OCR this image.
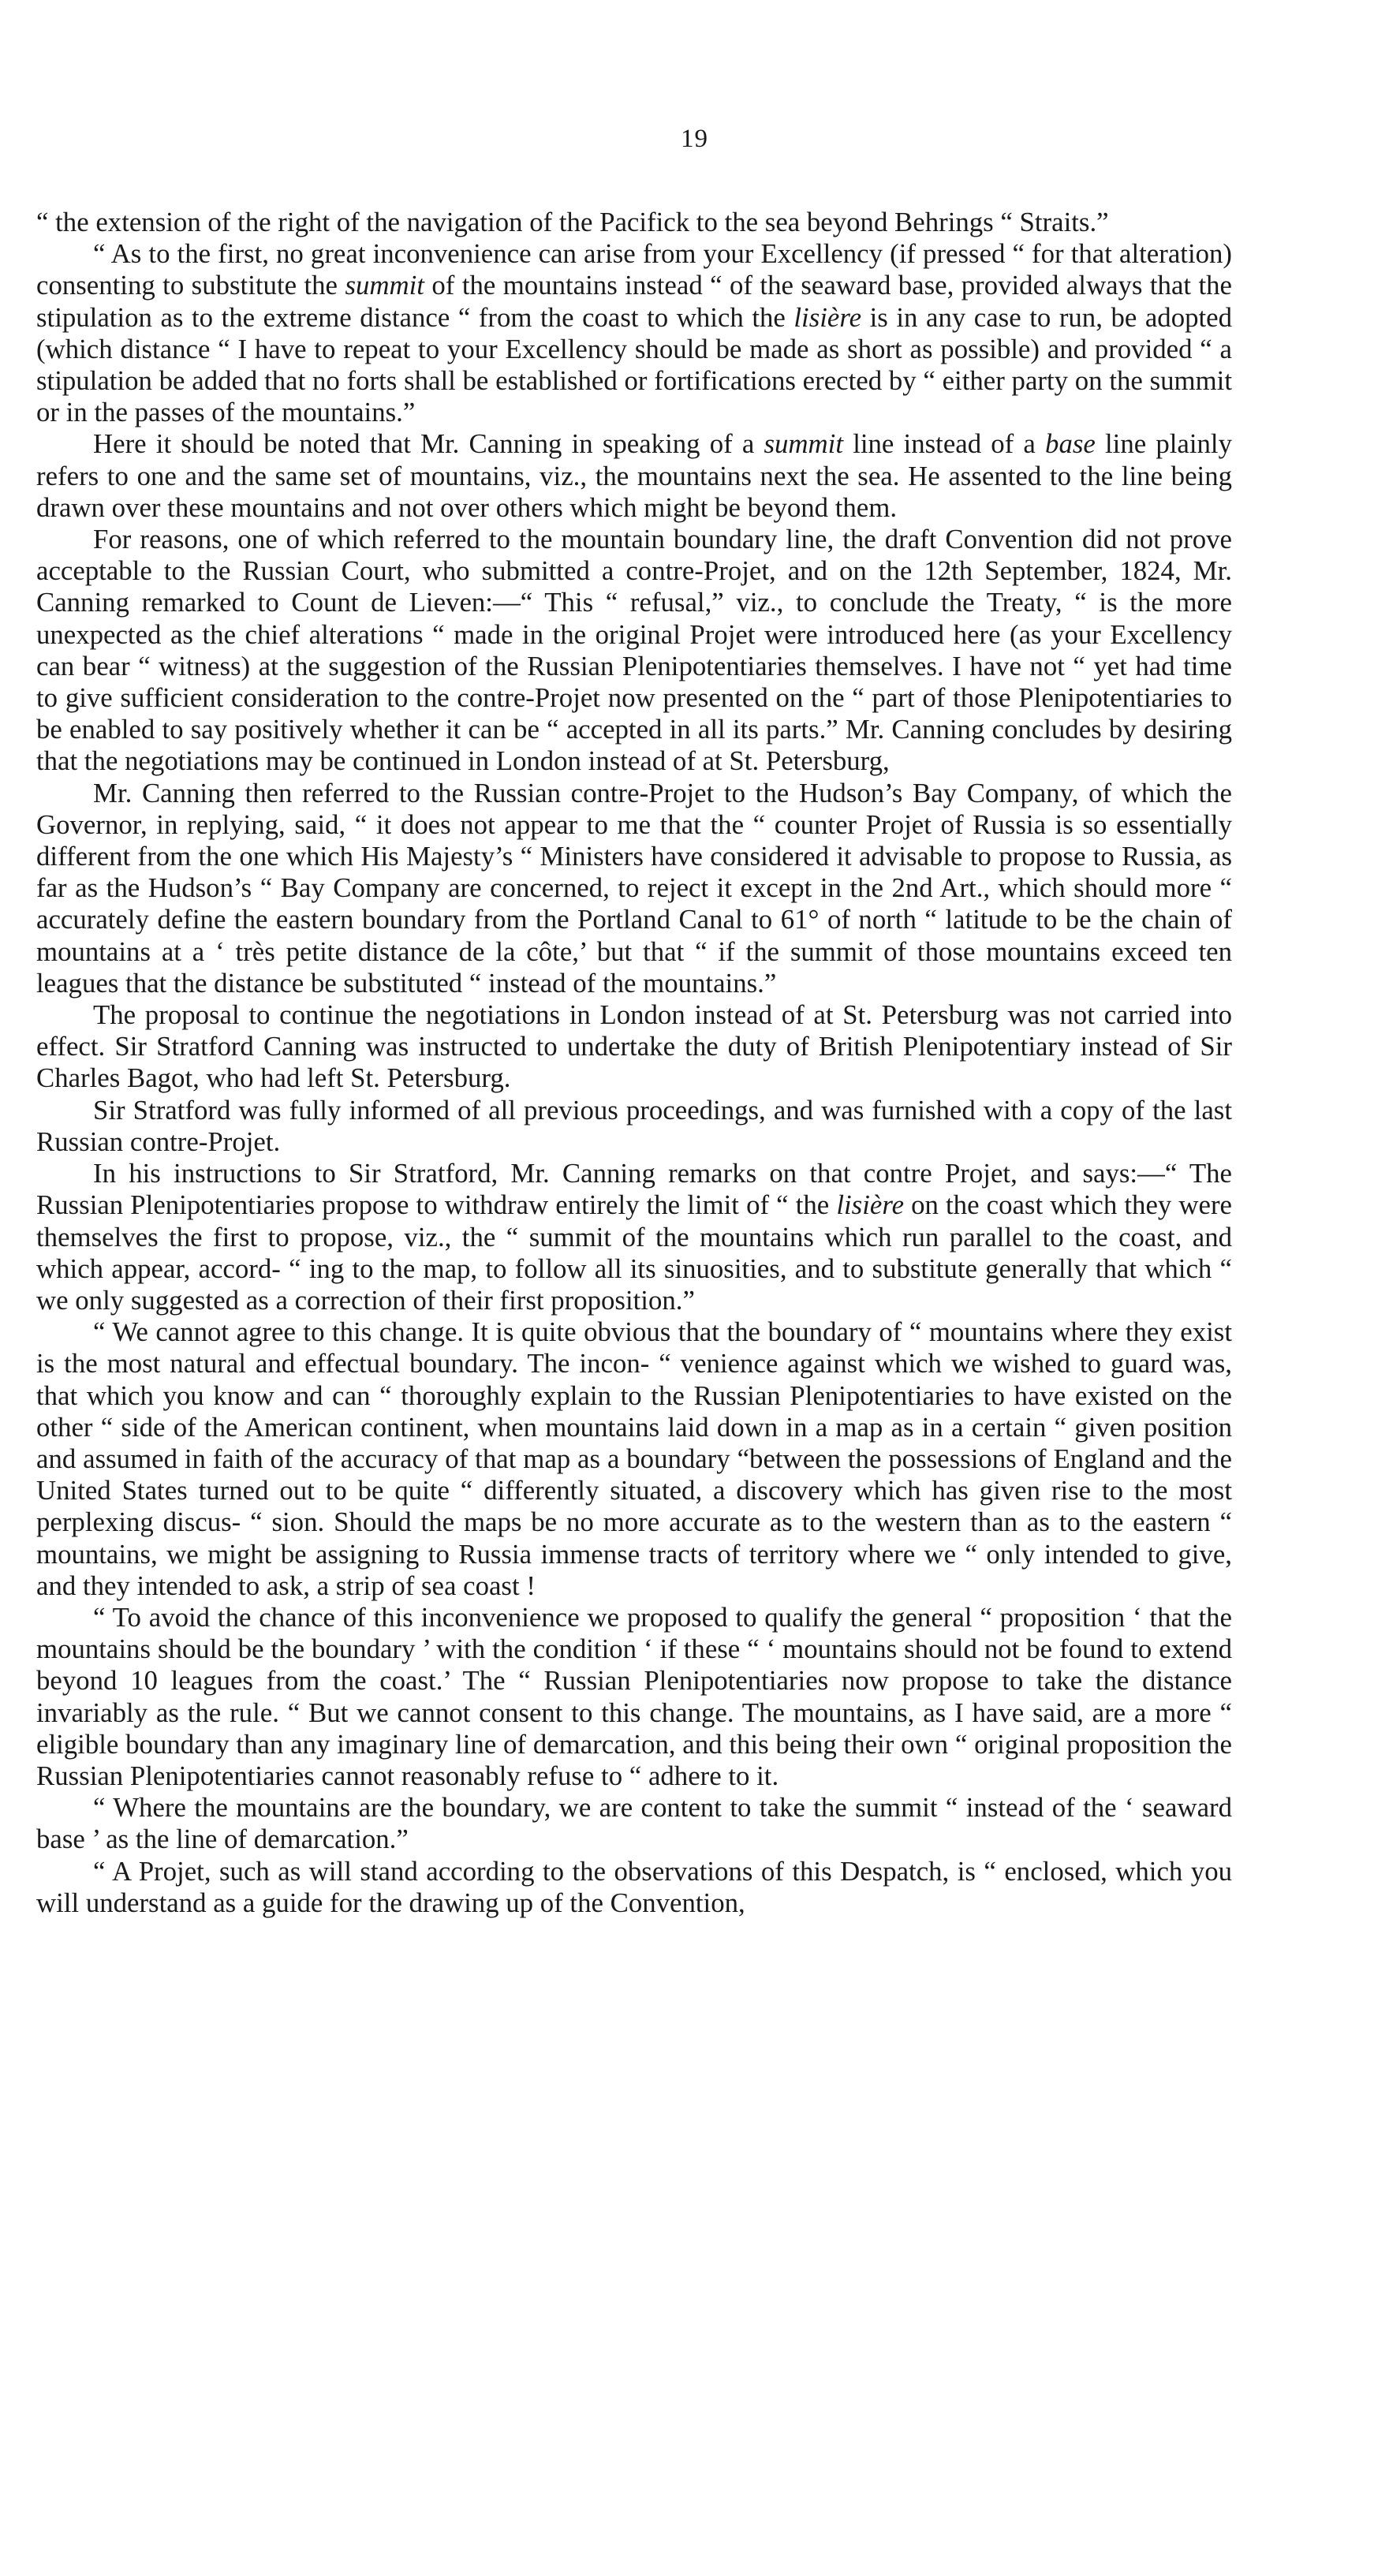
19

“ the extension of the right of the navigation of the Pacifick to the sea beyond Behrings “ Straits.”

“ As to the first, no great inconvenience can arise from your Excellency (if pressed “ for that alteration) consenting to substitute the summit of the mountains instead “ of the seaward base, provided always that the stipulation as to the extreme distance “ from the coast to which the lisière is in any case to run, be adopted (which distance “ I have to repeat to your Excellency should be made as short as possible) and provided “ a stipulation be added that no forts shall be established or fortifications erected by “ either party on the summit or in the passes of the mountains.”

Here it should be noted that Mr. Canning in speaking of a summit line instead of a base line plainly refers to one and the same set of mountains, viz., the mountains next the sea. He assented to the line being drawn over these mountains and not over others which might be beyond them.

For reasons, one of which referred to the mountain boundary line, the draft Convention did not prove acceptable to the Russian Court, who submitted a contre-Projet, and on the 12th September, 1824, Mr. Canning remarked to Count de Lieven:—“ This “ refusal,” viz., to conclude the Treaty, “ is the more unexpected as the chief alterations “ made in the original Projet were introduced here (as your Excellency can bear “ witness) at the suggestion of the Russian Plenipotentiaries themselves. I have not “ yet had time to give sufficient consideration to the contre-Projet now presented on the “ part of those Plenipotentiaries to be enabled to say positively whether it can be “ accepted in all its parts.” Mr. Canning concludes by desiring that the negotiations may be continued in London instead of at St. Petersburg,

Mr. Canning then referred to the Russian contre-Projet to the Hudson’s Bay Company, of which the Governor, in replying, said, “ it does not appear to me that the “ counter Projet of Russia is so essentially different from the one which His Majesty’s “ Ministers have considered it advisable to propose to Russia, as far as the Hudson’s “ Bay Company are concerned, to reject it except in the 2nd Art., which should more “ accurately define the eastern boundary from the Portland Canal to 61° of north “ latitude to be the chain of mountains at a ‘ très petite distance de la côte,’ but that “ if the summit of those mountains exceed ten leagues that the distance be substituted “ instead of the mountains.”

The proposal to continue the negotiations in London instead of at St. Petersburg was not carried into effect. Sir Stratford Canning was instructed to undertake the duty of British Plenipotentiary instead of Sir Charles Bagot, who had left St. Petersburg.

Sir Stratford was fully informed of all previous proceedings, and was furnished with a copy of the last Russian contre-Projet.

In his instructions to Sir Stratford, Mr. Canning remarks on that contre Projet, and says:—“ The Russian Plenipotentiaries propose to withdraw entirely the limit of “ the lisière on the coast which they were themselves the first to propose, viz., the “ summit of the mountains which run parallel to the coast, and which appear, accord- “ ing to the map, to follow all its sinuosities, and to substitute generally that which “ we only suggested as a correction of their first proposition.”

“ We cannot agree to this change. It is quite obvious that the boundary of “ mountains where they exist is the most natural and effectual boundary. The incon- “ venience against which we wished to guard was, that which you know and can “ thoroughly explain to the Russian Plenipotentiaries to have existed on the other “ side of the American continent, when mountains laid down in a map as in a certain “ given position and assumed in faith of the accuracy of that map as a boundary “between the possessions of England and the United States turned out to be quite “ differently situated, a discovery which has given rise to the most perplexing discus- “ sion. Should the maps be no more accurate as to the western than as to the eastern “ mountains, we might be assigning to Russia immense tracts of territory where we “ only intended to give, and they intended to ask, a strip of sea coast !

“ To avoid the chance of this inconvenience we proposed to qualify the general “ proposition ‘ that the mountains should be the boundary ’ with the condition ‘ if these “ ‘ mountains should not be found to extend beyond 10 leagues from the coast.’ The “ Russian Plenipotentiaries now propose to take the distance invariably as the rule. “ But we cannot consent to this change. The mountains, as I have said, are a more “ eligible boundary than any imaginary line of demarcation, and this being their own “ original proposition the Russian Plenipotentiaries cannot reasonably refuse to “ adhere to it.

“ Where the mountains are the boundary, we are content to take the summit “ instead of the ‘ seaward base ’ as the line of demarcation.”

“ A Projet, such as will stand according to the observations of this Despatch, is “ enclosed, which you will understand as a guide for the drawing up of the Convention,
